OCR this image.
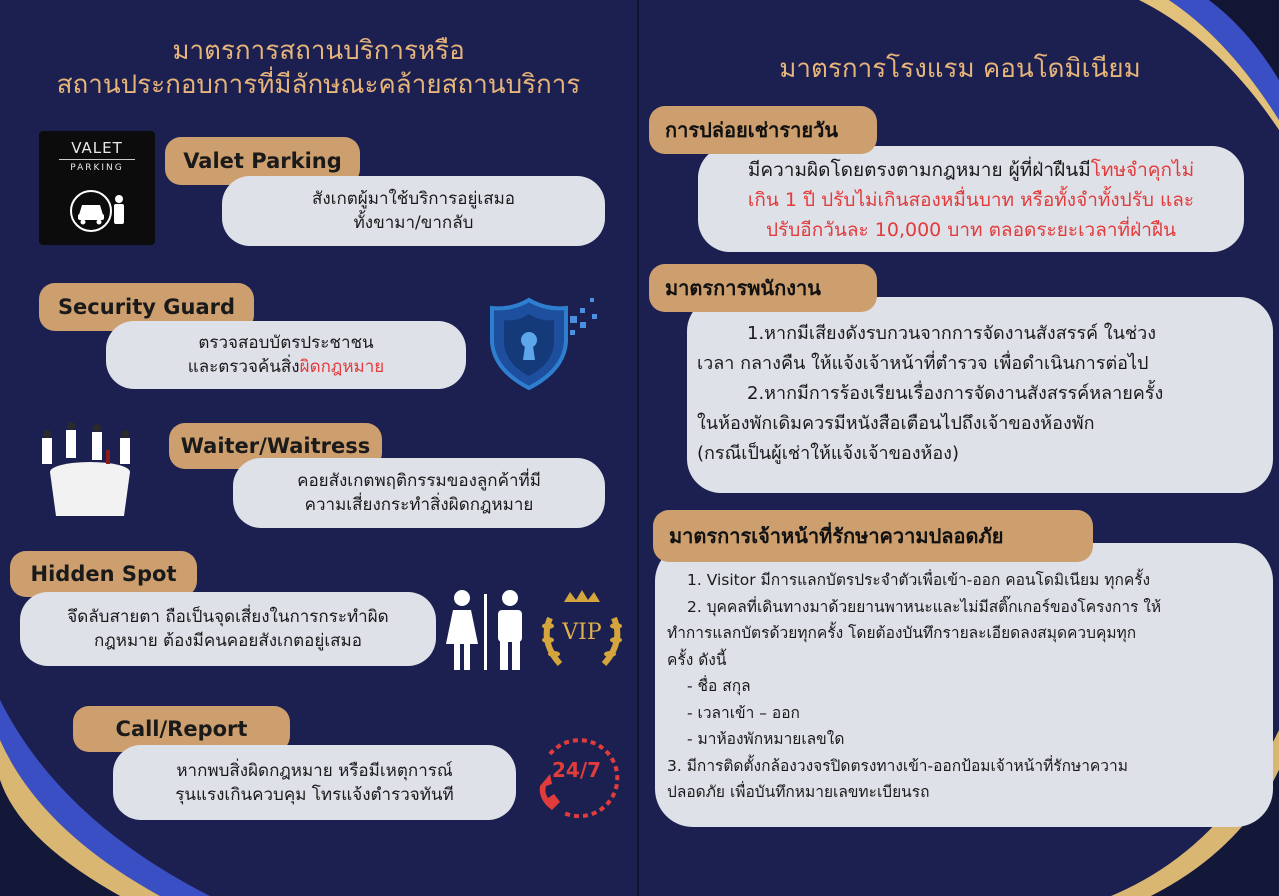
มาตรการสถานบริการหรือ
สถานประกอบการที่มีลักษณะคล้ายสถานบริการ
VALET
PARKING	Valet Parking
สังเกตผู้มาใช้บริการอยู่เสมอ
ทั้งขามา/ขากลับ
Security Guard
ตรวจสอบบัตรประชาชน
และตรวจค้นสิ่งผิดกฎหมาย
Waiter/Waitress
คอยสังเกตพฤติกรรมของลูกค้าที่มี
ความเสี่ยงกระทำสิ่งผิดกฎหมาย
Hidden Spot
จึดลับสายตา ถือเป็นจุดเสี่ยงในการกระทำผิด
กฎหมาย ต้องมีคนคอยสังเกตอยู่เสมอ	VIP
Call/Report
หากพบสิ่งผิดกฎหมาย หรือมีเหตุการณ์
รุนแรงเกินควบคุม โทรแจ้งตำรวจทันที
24/7
มาตรการโรงแรม คอนโดมิเนียม
มีความผิดโดยตรงตามกฎหมาย ผู้ที่ฝ่าฝืนมีโทษจำคุกไม่
เกิน 1 ปี ปรับไม่เกินสองหมื่นบาท หรือทั้งจำทั้งปรับ และ
ปรับอีกวันละ 10,000 บาท ตลอดระยะเวลาที่ฝ่าฝืน
การปล่อยเช่ารายวัน
1.หากมีเสียงดังรบกวนจากการจัดงานสังสรรค์ ในช่วง
เวลา กลางคืน ให้แจ้งเจ้าหน้าที่ตำรวจ เพื่อดำเนินการต่อไป
2.หากมีการร้องเรียนเรื่องการจัดงานสังสรรค์หลายครั้ง
ในห้องพักเดิมควรมีหนังสือเตือนไปถึงเจ้าของห้องพัก
(กรณีเป็นผู้เช่าให้แจ้งเจ้าของห้อง)
มาตรการพนักงาน
1. Visitor มีการแลกบัตรประจำตัวเพื่อเข้า-ออก คอนโดมิเนียม ทุกครั้ง
2. บุคคลที่เดินทางมาด้วยยานพาหนะและไม่มีสติ๊กเกอร์ของโครงการ ให้
ทำการแลกบัตรด้วยทุกครั้ง โดยต้องบันทึกรายละเอียดลงสมุดควบคุมทุก
ครั้ง ดังนี้
- ชื่อ สกุล
- เวลาเข้า – ออก
- มาห้องพักหมายเลขใด
3. มีการติดตั้งกล้องวงจรปิดตรงทางเข้า-ออกป้อมเจ้าหน้าที่รักษาความ
ปลอดภัย เพื่อบันทึกหมายเลขทะเบียนรถ
มาตรการเจ้าหน้าที่รักษาความปลอดภัย
